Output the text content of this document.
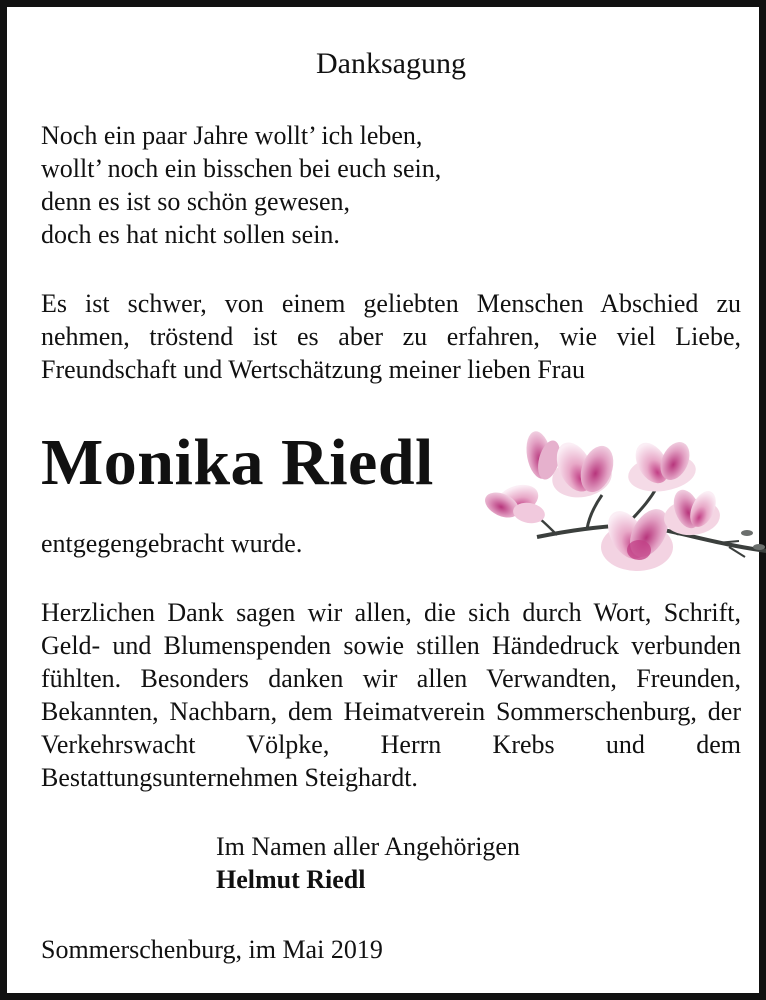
Danksagung
Noch ein paar Jahre wollt’ ich leben,
wollt’ noch ein bisschen bei euch sein,
denn es ist so schön gewesen,
doch es hat nicht sollen sein.
Es ist schwer, von einem geliebten Menschen Abschied zu nehmen, tröstend ist es aber zu erfahren, wie viel Liebe, Freundschaft und Wertschätzung meiner lieben Frau
Monika Riedl
entgegengebracht wurde.
Herzlichen Dank sagen wir allen, die sich durch Wort, Schrift, Geld- und Blumenspenden sowie stillen Händedruck verbunden fühlten. Besonders danken wir allen Verwandten, Freunden, Bekannten, Nachbarn, dem Heimatverein Sommerschenburg, der Verkehrswacht Völpke, Herrn Krebs und dem Bestattungsunternehmen Steighardt.
Im Namen aller Angehörigen
Helmut Riedl
Sommerschenburg, im Mai 2019
